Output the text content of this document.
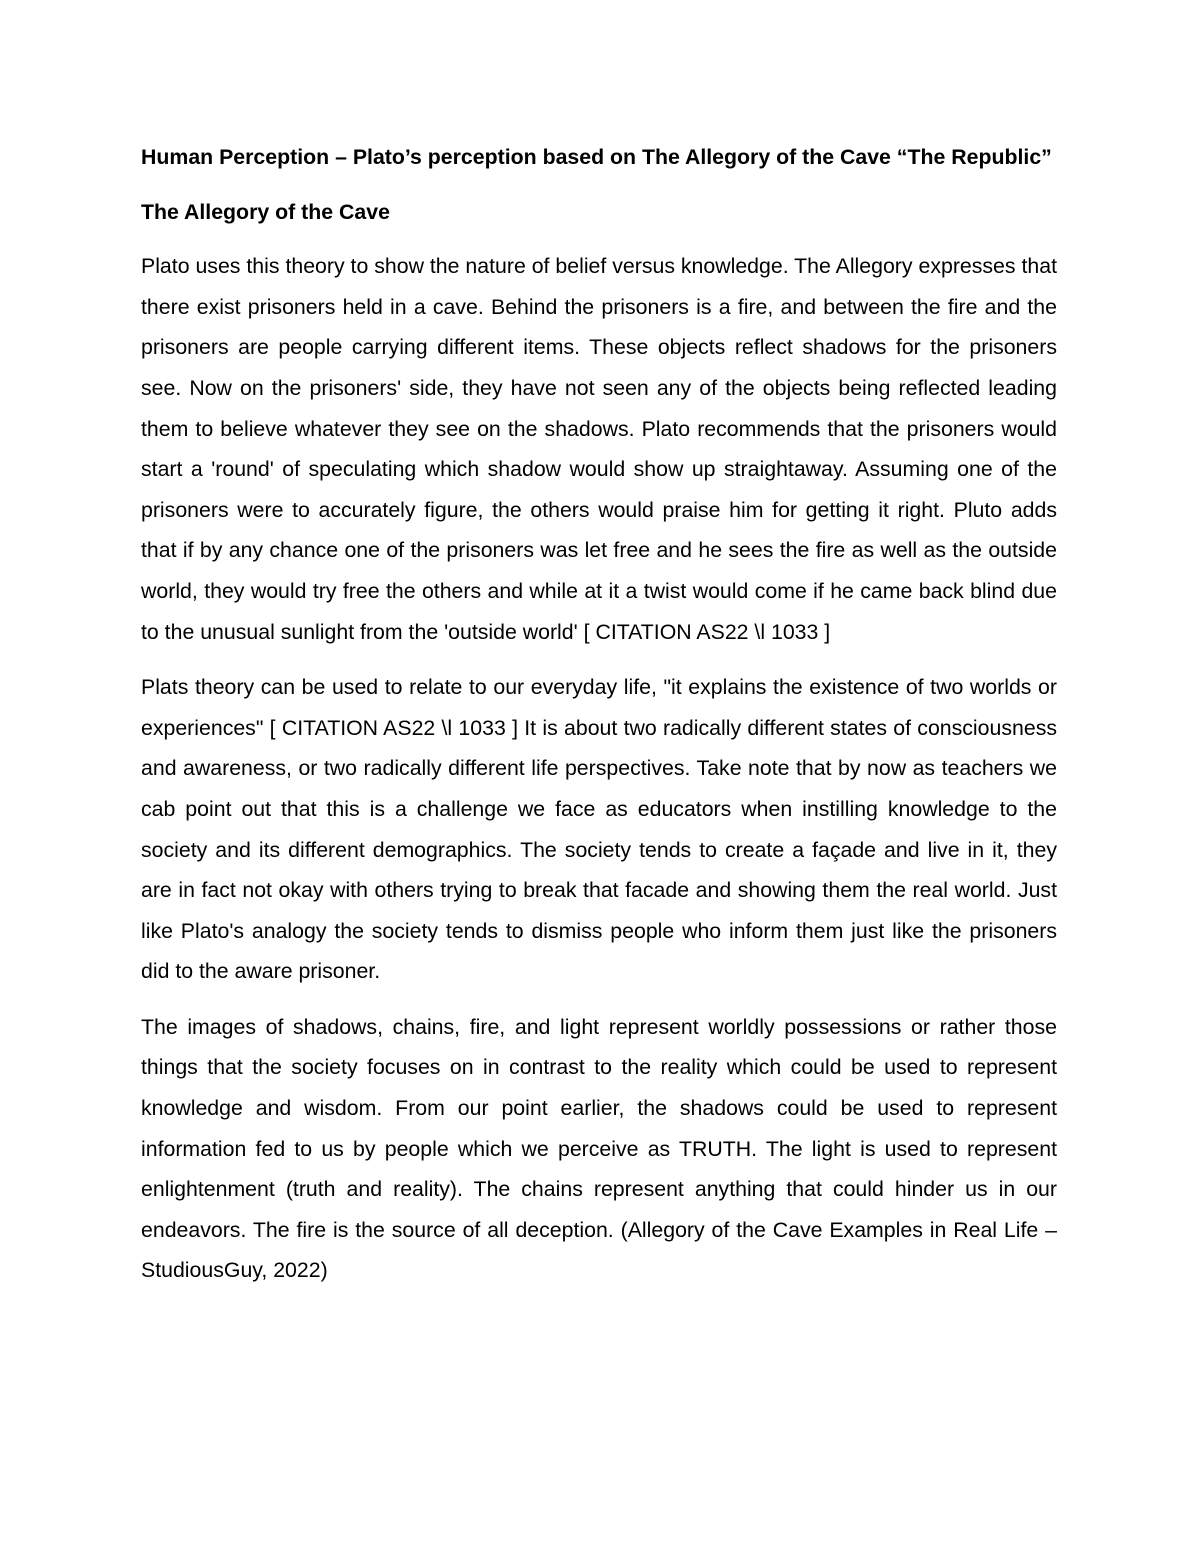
Human Perception – Plato’s perception based on The Allegory of the Cave “The Republic”
The Allegory of the Cave

Plato uses this theory to show the nature of belief versus knowledge. The Allegory expresses that there exist prisoners held in a cave. Behind the prisoners is a fire, and between the fire and the prisoners are people carrying different items. These objects reflect shadows for the prisoners see. Now on the prisoners' side, they have not seen any of the objects being reflected leading them to believe whatever they see on the shadows. Plato recommends that the prisoners would start a 'round' of speculating which shadow would show up straightaway. Assuming one of the prisoners were to accurately figure, the others would praise him for getting it right. Pluto adds that if by any chance one of the prisoners was let free and he sees the fire as well as the outside world, they would try free the others and while at it a twist would come if he came back blind due to the unusual sunlight from the 'outside world' [ CITATION AS22 \l 1033 ]

Plats theory can be used to relate to our everyday life, "it explains the existence of two worlds or experiences" [ CITATION AS22 \l 1033 ] It is about two radically different states of consciousness and awareness, or two radically different life perspectives. Take note that by now as teachers we cab point out that this is a challenge we face as educators when instilling knowledge to the society and its different demographics. The society tends to create a façade and live in it, they are in fact not okay with others trying to break that facade and showing them the real world. Just like Plato's analogy the society tends to dismiss people who inform them just like the prisoners did to the aware prisoner.

The images of shadows, chains, fire, and light represent worldly possessions or rather those things that the society focuses on in contrast to the reality which could be used to represent knowledge and wisdom. From our point earlier, the shadows could be used to represent information fed to us by people which we perceive as TRUTH. The light is used to represent enlightenment (truth and reality). The chains represent anything that could hinder us in our endeavors. The fire is the source of all deception. (Allegory of the Cave Examples in Real Life – StudiousGuy, 2022)
